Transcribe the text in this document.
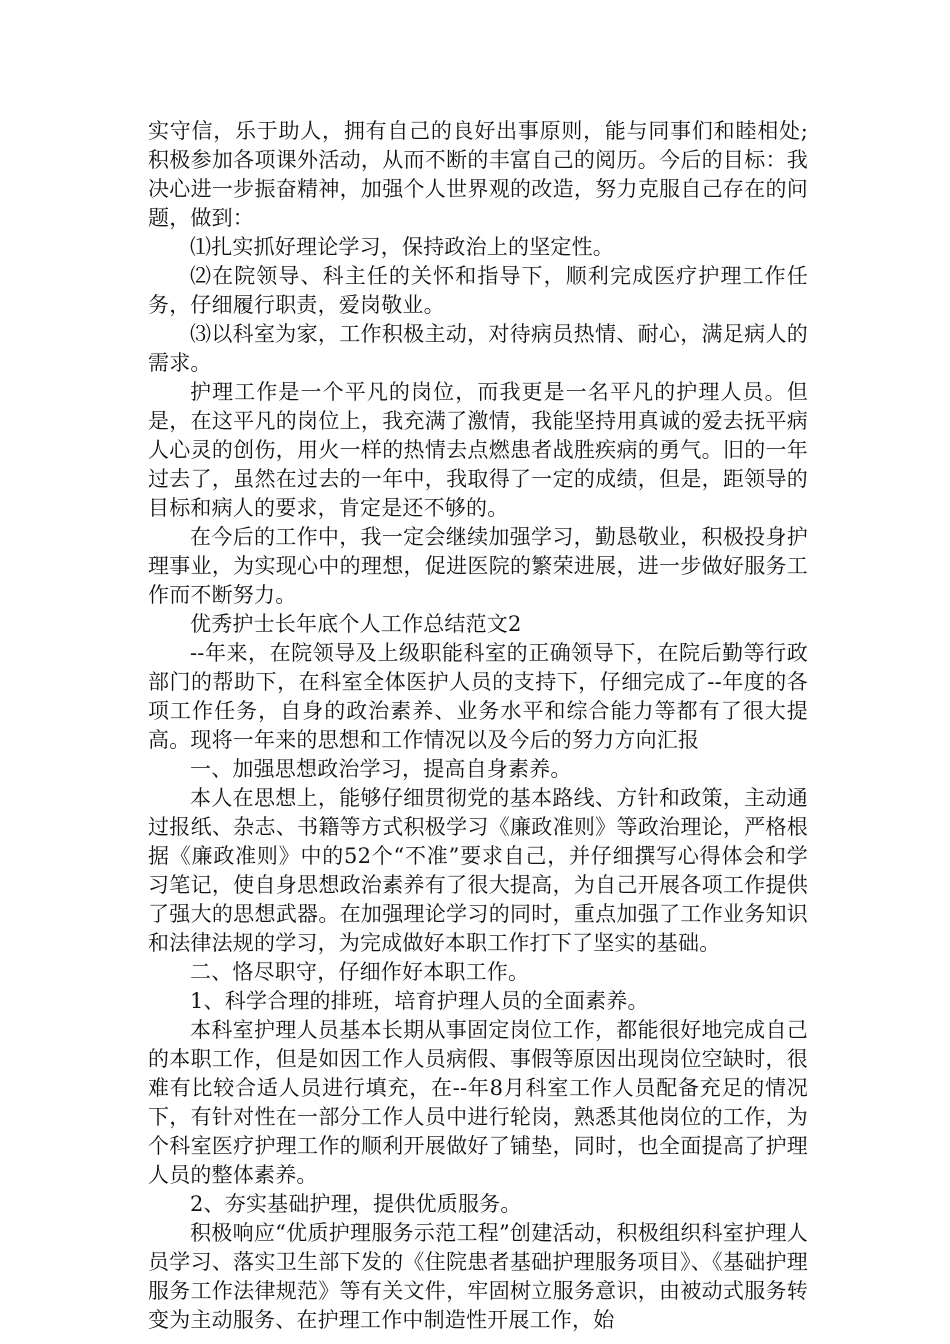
实守信，乐于助人，拥有自己的良好出事原则，能与同事们和睦相处;积极参加各项课外活动，从而不断的丰富自己的阅历。今后的目标：我决心进一步振奋精神，加强个人世界观的改造，努力克服自己存在的问题，做到：

⑴扎实抓好理论学习，保持政治上的坚定性。

⑵在院领导、科主任的关怀和指导下，顺利完成医疗护理工作任务，仔细履行职责，爱岗敬业。

⑶以科室为家，工作积极主动，对待病员热情、耐心，满足病人的需求。

护理工作是一个平凡的岗位，而我更是一名平凡的护理人员。但是，在这平凡的岗位上，我充满了激情，我能坚持用真诚的爱去抚平病人心灵的创伤，用火一样的热情去点燃患者战胜疾病的勇气。旧的一年过去了，虽然在过去的一年中，我取得了一定的成绩，但是，距领导的目标和病人的要求，肯定是还不够的。

在今后的工作中，我一定会继续加强学习，勤恳敬业，积极投身护理事业，为实现心中的理想，促进医院的繁荣进展，进一步做好服务工作而不断努力。

优秀护士长年底个人工作总结范文2

--年来，在院领导及上级职能科室的正确领导下，在院后勤等行政部门的帮助下，在科室全体医护人员的支持下，仔细完成了--年度的各项工作任务，自身的政治素养、业务水平和综合能力等都有了很大提高。现将一年来的思想和工作情况以及今后的努力方向汇报

一、加强思想政治学习，提高自身素养。

本人在思想上，能够仔细贯彻党的基本路线、方针和政策，主动通过报纸、杂志、书籍等方式积极学习《廉政准则》等政治理论，严格根据《廉政准则》中的52个“不准”要求自己，并仔细撰写心得体会和学习笔记，使自身思想政治素养有了很大提高，为自己开展各项工作提供了强大的思想武器。在加强理论学习的同时，重点加强了工作业务知识和法律法规的学习，为完成做好本职工作打下了坚实的基础。

二、恪尽职守，仔细作好本职工作。

1、科学合理的排班，培育护理人员的全面素养。

本科室护理人员基本长期从事固定岗位工作，都能很好地完成自己的本职工作，但是如因工作人员病假、事假等原因出现岗位空缺时，很难有比较合适人员进行填充，在--年8月科室工作人员配备充足的情况下，有针对性在一部分工作人员中进行轮岗，熟悉其他岗位的工作，为个科室医疗护理工作的顺利开展做好了铺垫，同时，也全面提高了护理人员的整体素养。

2、夯实基础护理，提供优质服务。

积极响应“优质护理服务示范工程”创建活动，积极组织科室护理人员学习、落实卫生部下发的《住院患者基础护理服务项目》、《基础护理服务工作法律规范》等有关文件，牢固树立服务意识，由被动式服务转变为主动服务、在护理工作中制造性开展工作，始
